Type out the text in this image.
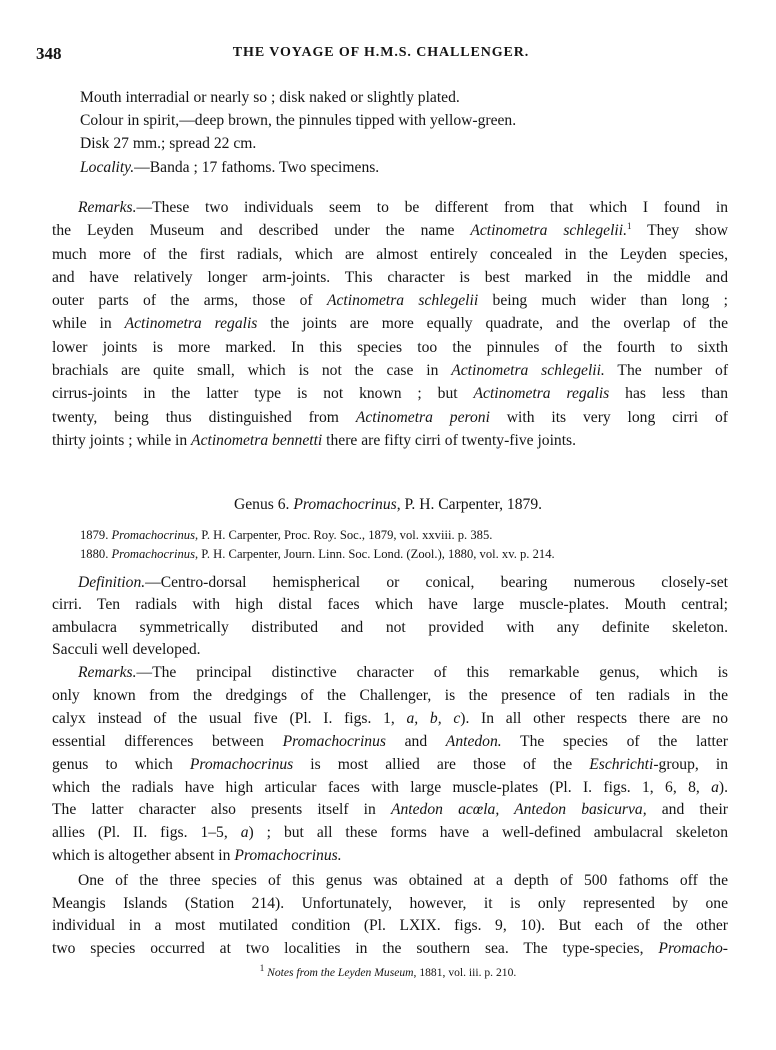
348	THE VOYAGE OF H.M.S. CHALLENGER.
Mouth interradial or nearly so ; disk naked or slightly plated.
Colour in spirit,—deep brown, the pinnules tipped with yellow-green.
Disk 27 mm.; spread 22 cm.
Locality.—Banda ; 17 fathoms. Two specimens.
Remarks.—These two individuals seem to be different from that which I found in
the Leyden Museum and described under the name Actinometra schlegelii.$^1$ They show
much more of the first radials, which are almost entirely concealed in the Leyden species,
and have relatively longer arm-joints. This character is best marked in the middle and
outer parts of the arms, those of Actinometra schlegelii being much wider than long ;
while in Actinometra regalis the joints are more equally quadrate, and the overlap of the
lower joints is more marked. In this species too the pinnules of the fourth to sixth
brachials are quite small, which is not the case in Actinometra schlegelii. The number of
cirrus-joints in the latter type is not known ; but Actinometra regalis has less than
twenty, being thus distinguished from Actinometra peroni with its very long cirri of
thirty joints ; while in Actinometra bennetti there are fifty cirri of twenty-five joints.
Genus 6. Promachocrinus, P. H. Carpenter, 1879.
1879. Promachocrinus, P. H. Carpenter, Proc. Roy. Soc., 1879, vol. xxviii. p. 385.
1880. Promachocrinus, P. H. Carpenter, Journ. Linn. Soc. Lond. (Zool.), 1880, vol. xv. p. 214.
Definition.—Centro-dorsal hemispherical or conical, bearing numerous closely-set
cirri. Ten radials with high distal faces which have large muscle-plates. Mouth central;
ambulacra symmetrically distributed and not provided with any definite skeleton.
Sacculi well developed.
Remarks.—The principal distinctive character of this remarkable genus, which is
only known from the dredgings of the Challenger, is the presence of ten radials in the
calyx instead of the usual five (Pl. I. figs. 1, a, b, c). In all other respects there are no
essential differences between Promachocrinus and Antedon. The species of the latter
genus to which Promachocrinus is most allied are those of the Eschrichti-group, in
which the radials have high articular faces with large muscle-plates (Pl. I. figs. 1, 6, 8, a).
The latter character also presents itself in Antedon acœla, Antedon basicurva, and their
allies (Pl. II. figs. 1–5, a) ; but all these forms have a well-defined ambulacral skeleton
which is altogether absent in Promachocrinus.
One of the three species of this genus was obtained at a depth of 500 fathoms off the
Meangis Islands (Station 214). Unfortunately, however, it is only represented by one
individual in a most mutilated condition (Pl. LXIX. figs. 9, 10). But each of the other
two species occurred at two localities in the southern sea. The type-species, Promacho-
$^1$ Notes from the Leyden Museum, 1881, vol. iii. p. 210.
